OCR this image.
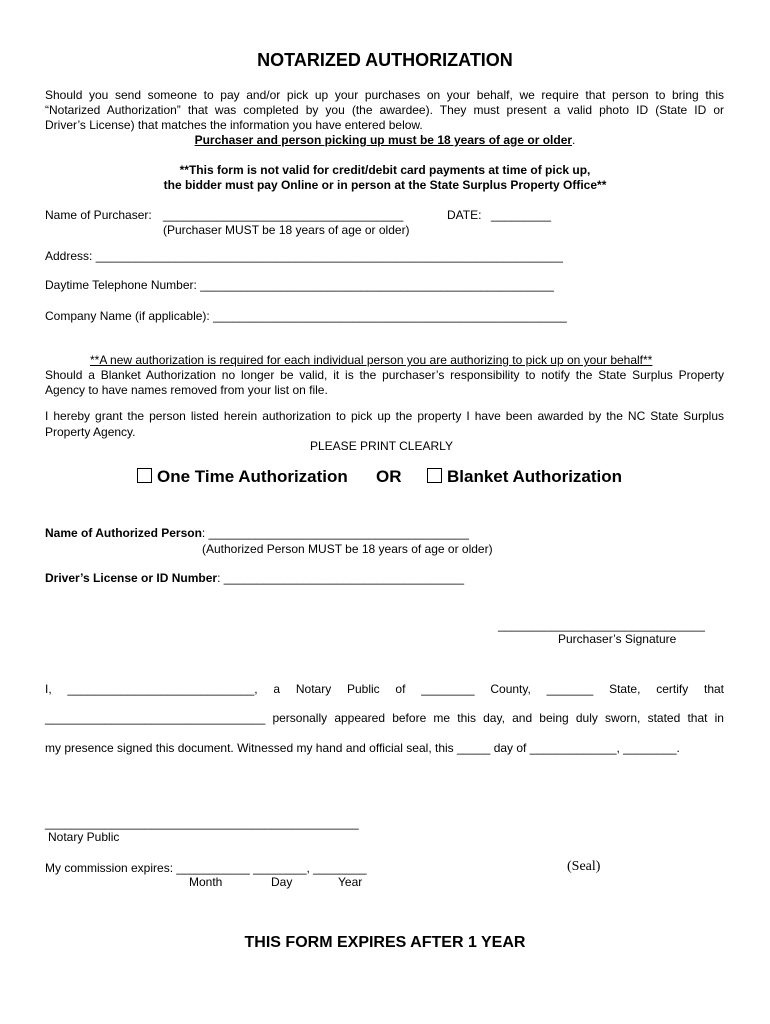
NOTARIZED AUTHORIZATION
Should you send someone to pay and/or pick up your purchases on your behalf, we require that person to bring this
“Notarized Authorization” that was completed by you (the awardee). They must present a valid photo ID (State ID or
Driver’s License) that matches the information you have entered below.
Purchaser and person picking up must be 18 years of age or older.
**This form is not valid for credit/debit card payments at time of pick up,
the bidder must pay Online or in person at the State Surplus Property Office**
Name of Purchaser: ____________________________________	DATE: _________
(Purchaser MUST be 18 years of age or older)
Address: ______________________________________________________________________
Daytime Telephone Number: _____________________________________________________
Company Name (if applicable): _____________________________________________________
**A new authorization is required for each individual person you are authorizing to pick up on your behalf**
Should a Blanket Authorization no longer be valid, it is the purchaser’s responsibility to notify the State Surplus Property
Agency to have names removed from your list on file.
I hereby grant the person listed herein authorization to pick up the property I have been awarded by the NC State Surplus
Property Agency.
PLEASE PRINT CLEARLY
One Time Authorization OR	Blanket Authorization
Name of Authorized Person: _______________________________________
(Authorized Person MUST be 18 years of age or older)
Driver’s License or ID Number: ____________________________________
_______________________________
Purchaser’s Signature
I, ____________________________, a Notary Public of ________ County, _______ State, certify that
_________________________________ personally appeared before me this day, and being duly sworn, stated that in
my presence signed this document. Witnessed my hand and official seal, this _____ day of _____________, ________.
_______________________________________________
Notary Public
My commission expires: ___________ ________, ________
Month	Day	Year
(Seal)
THIS FORM EXPIRES AFTER 1 YEAR
